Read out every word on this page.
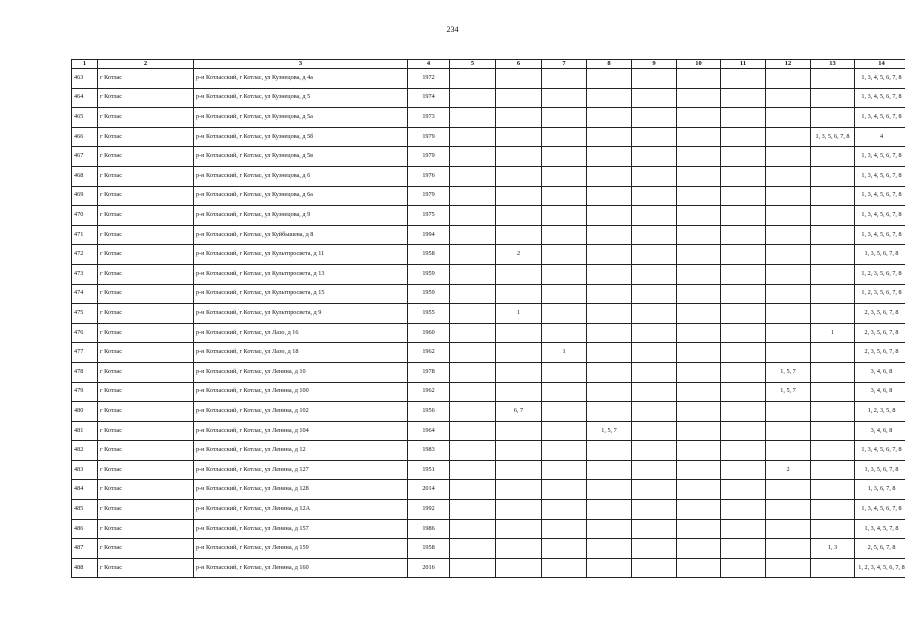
234
1	2	3	4	5	6	7	8	9	10	11	12	13	14
463	г Котлас	р-н Котласский, г Котлас, ул Кузнецова, д 4а	1972										1, 3, 4, 5, 6, 7, 8
464	г Котлас	р-н Котласский, г Котлас, ул Кузнецова, д 5	1974										1, 3, 4, 5, 6, 7, 8
465	г Котлас	р-н Котласский, г Котлас, ул Кузнецова, д 5а	1973										1, 3, 4, 5, 6, 7, 8
466	г Котлас	р-н Котласский, г Котлас, ул Кузнецова, д 5б	1979									1, 3, 5, 6, 7, 8	4
467	г Котлас	р-н Котласский, г Котлас, ул Кузнецова, д 5в	1979										1, 3, 4, 5, 6, 7, 8
468	г Котлас	р-н Котласский, г Котлас, ул Кузнецова, д 6	1976										1, 3, 4, 5, 6, 7, 8
469	г Котлас	р-н Котласский, г Котлас, ул Кузнецова, д 6а	1979										1, 3, 4, 5, 6, 7, 8
470	г Котлас	р-н Котласский, г Котлас, ул Кузнецова, д 9	1975										1, 3, 4, 5, 6, 7, 8
471	г Котлас	р-н Котласский, г Котлас, ул Куйбышева, д 8	1994										1, 3, 4, 5, 6, 7, 8
472	г Котлас	р-н Котласский, г Котлас, ул Культпросвета, д 11	1958		2								1, 3, 5, 6, 7, 8
473	г Котлас	р-н Котласский, г Котлас, ул Культпросвета, д 13	1959										1, 2, 3, 5, 6, 7, 8
474	г Котлас	р-н Котласский, г Котлас, ул Культпросвета, д 15	1959										1, 2, 3, 5, 6, 7, 8
475	г Котлас	р-н Котласский, г Котлас, ул Культпросвета, д 9	1955		1								2, 3, 5, 6, 7, 8
476	г Котлас	р-н Котласский, г Котлас, ул Лазо, д 16	1960									1	2, 3, 5, 6, 7, 8
477	г Котлас	р-н Котласский, г Котлас, ул Лазо, д 18	1962			1							2, 3, 5, 6, 7, 8
478	г Котлас	р-н Котласский, г Котлас, ул Ленина, д 10	1978								1, 5, 7		3, 4, 6, 8
479	г Котлас	р-н Котласский, г Котлас, ул Ленина, д 100	1962								1, 5, 7		3, 4, 6, 8
480	г Котлас	р-н Котласский, г Котлас, ул Ленина, д 102	1956		6, 7								1, 2, 3, 5, 8
481	г Котлас	р-н Котласский, г Котлас, ул Ленина, д 104	1964				1, 5, 7						3, 4, 6, 8
482	г Котлас	р-н Котласский, г Котлас, ул Ленина, д 12	1983										1, 3, 4, 5, 6, 7, 8
483	г Котлас	р-н Котласский, г Котлас, ул Ленина, д 127	1951								2		1, 3, 5, 6, 7, 8
484	г Котлас	р-н Котласский, г Котлас, ул Ленина, д 128	2014										1, 3, 6, 7, 8
485	г Котлас	р-н Котласский, г Котлас, ул Ленина, д 12А	1992										1, 3, 4, 5, 6, 7, 8
486	г Котлас	р-н Котласский, г Котлас, ул Ленина, д 157	1986										1, 3, 4, 5, 7, 8
487	г Котлас	р-н Котласский, г Котлас, ул Ленина, д 159	1958									1, 3	2, 5, 6, 7, 8
488	г Котлас	р-н Котласский, г Котлас, ул Ленина, д 160	2016										1, 2, 3, 4, 5, 6, 7, 8
